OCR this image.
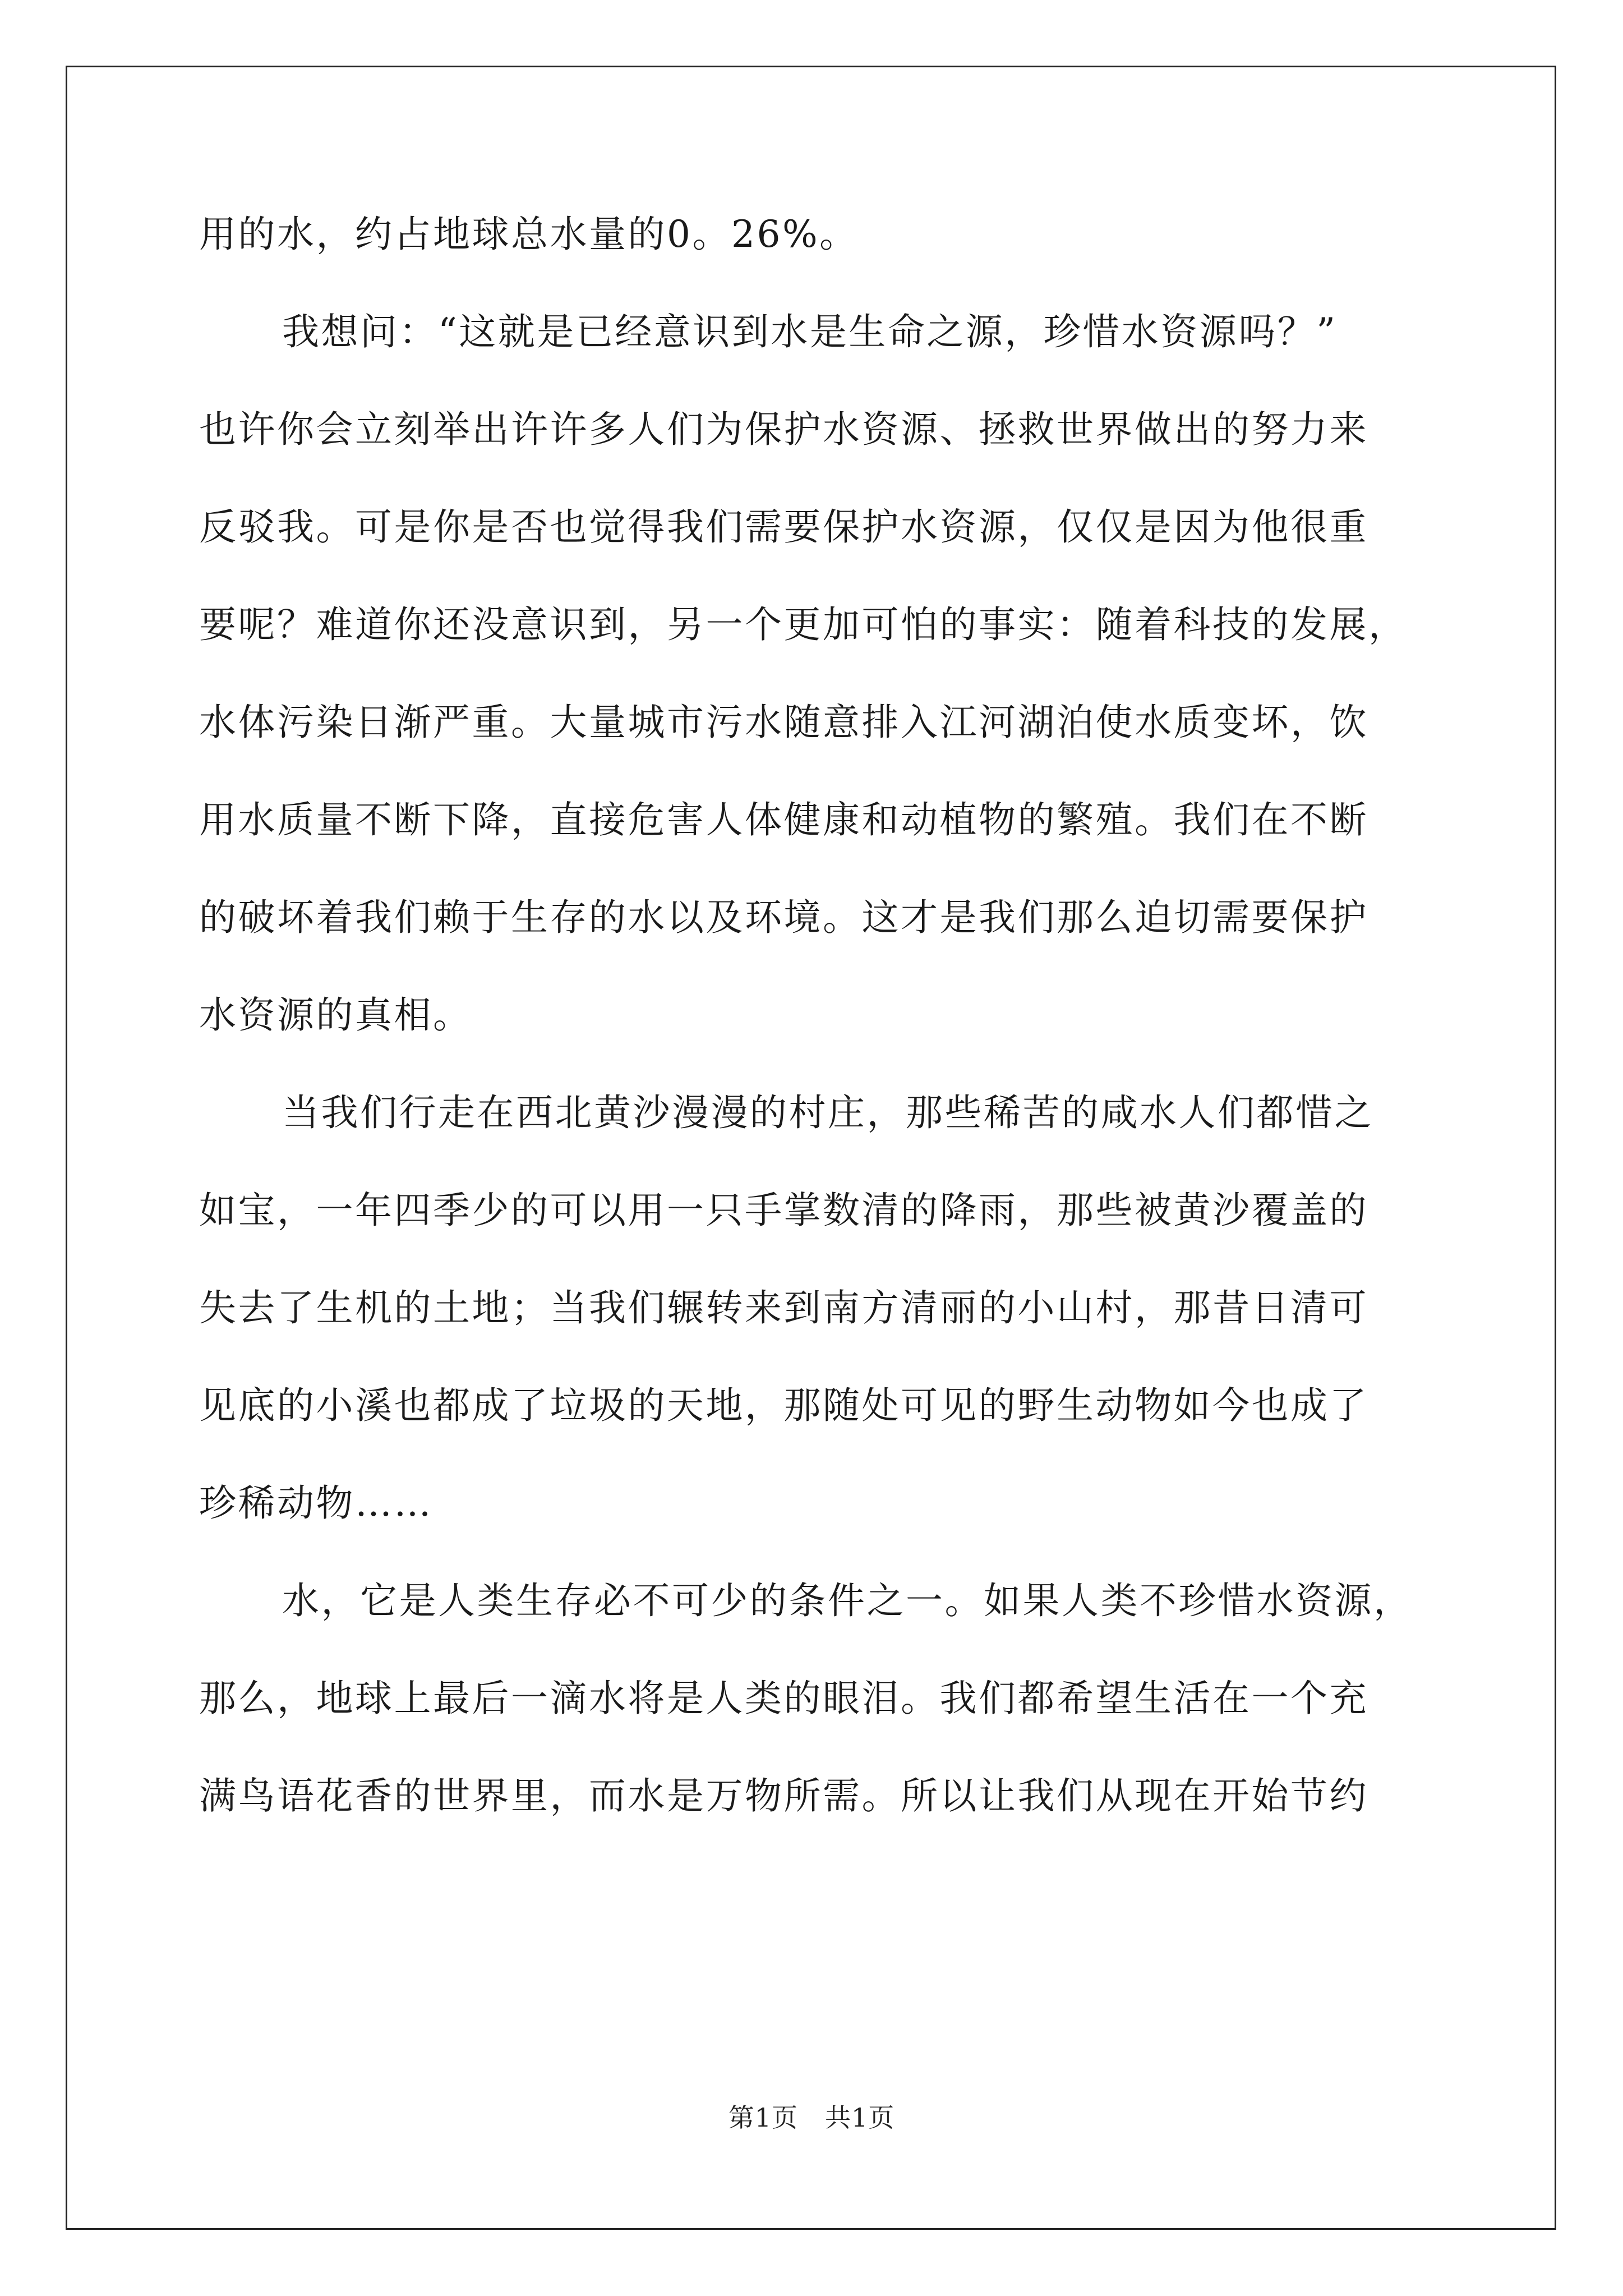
用的水，约占地球总水量的0。26%。
我想问：“这就是已经意识到水是生命之源，珍惜水资源吗？”
也许你会立刻举出许许多人们为保护水资源、拯救世界做出的努力来
反驳我。可是你是否也觉得我们需要保护水资源，仅仅是因为他很重
要呢？难道你还没意识到，另一个更加可怕的事实：随着科技的发展，
水体污染日渐严重。大量城市污水随意排入江河湖泊使水质变坏，饮
用水质量不断下降，直接危害人体健康和动植物的繁殖。我们在不断
的破坏着我们赖于生存的水以及环境。这才是我们那么迫切需要保护
水资源的真相。
当我们行走在西北黄沙漫漫的村庄，那些稀苦的咸水人们都惜之
如宝，一年四季少的可以用一只手掌数清的降雨，那些被黄沙覆盖的
失去了生机的土地；当我们辗转来到南方清丽的小山村，那昔日清可
见底的小溪也都成了垃圾的天地，那随处可见的野生动物如今也成了
珍稀动物……
水，它是人类生存必不可少的条件之一。如果人类不珍惜水资源，
那么，地球上最后一滴水将是人类的眼泪。我们都希望生活在一个充
满鸟语花香的世界里，而水是万物所需。所以让我们从现在开始节约
第1页 共1页
